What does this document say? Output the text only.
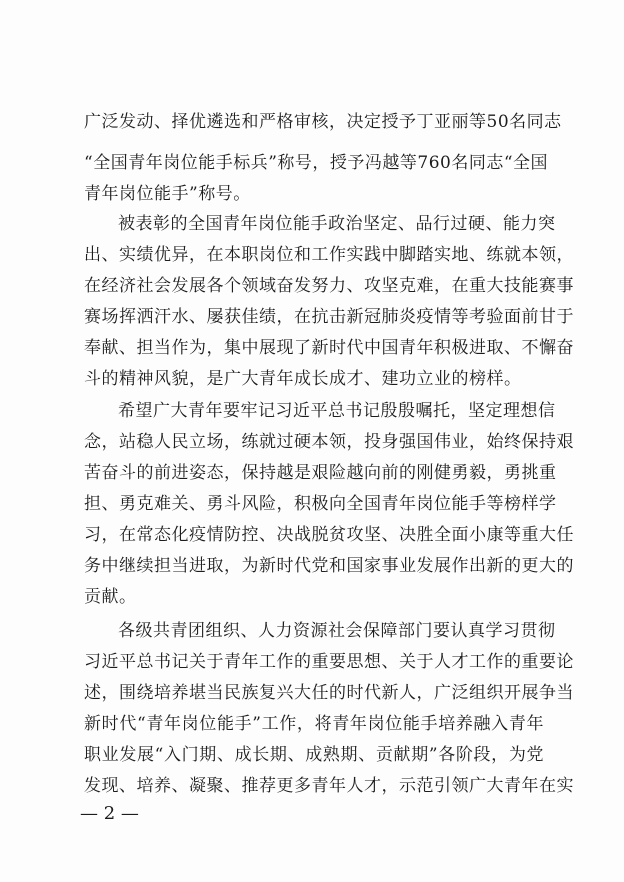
广泛发动、择优遴选和严格审核，决定授予丁亚丽等50名同志
“全国青年岗位能手标兵”称号，授予冯越等760名同志“全国
青年岗位能手”称号。
被表彰的全国青年岗位能手政治坚定、品行过硬、能力突
出、实绩优异，在本职岗位和工作实践中脚踏实地、练就本领，
在经济社会发展各个领域奋发努力、攻坚克难，在重大技能赛事
赛场挥洒汗水、屡获佳绩，在抗击新冠肺炎疫情等考验面前甘于
奉献、担当作为，集中展现了新时代中国青年积极进取、不懈奋
斗的精神风貌，是广大青年成长成才、建功立业的榜样。
希望广大青年要牢记习近平总书记殷殷嘱托，坚定理想信
念，站稳人民立场，练就过硬本领，投身强国伟业，始终保持艰
苦奋斗的前进姿态，保持越是艰险越向前的刚健勇毅，勇挑重
担、勇克难关、勇斗风险，积极向全国青年岗位能手等榜样学
习，在常态化疫情防控、决战脱贫攻坚、决胜全面小康等重大任
务中继续担当进取，为新时代党和国家事业发展作出新的更大的
贡献。
各级共青团组织、人力资源社会保障部门要认真学习贯彻
习近平总书记关于青年工作的重要思想、关于人才工作的重要论
述，围绕培养堪当民族复兴大任的时代新人，广泛组织开展争当
新时代“青年岗位能手”工作，将青年岗位能手培养融入青年
职业发展“入门期、成长期、成熟期、贡献期”各阶段，为党
发现、培养、凝聚、推荐更多青年人才，示范引领广大青年在实
— 2 —
